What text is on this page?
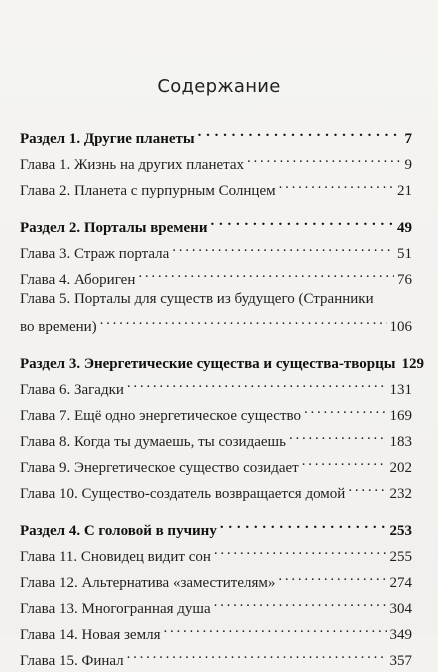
Содержание
Раздел 1. Другие планеты . . .	7
Глава 1. Жизнь на других планетах . . .	9
Глава 2. Планета с пурпурным Солнцем . . .	21
Раздел 2. Порталы времени . . .	49
Глава 3. Страж портала . . .	51
Глава 4. Абориген . . .	76
Глава 5. Порталы для существ из будущего (Странники
во времени) . . .	106
Раздел 3. Энергетические существа и существа-творцы 129
Глава 6. Загадки . . .	131
Глава 7. Ещё одно энергетическое существо . . .	169
Глава 8. Когда ты думаешь, ты созидаешь . . .	183
Глава 9. Энергетическое существо созидает . . .	202
Глава 10. Существо-создатель возвращается домой . . .	232
Раздел 4. С головой в пучину . . .	253
Глава 11. Сновидец видит сон . . .	255
Глава 12. Альтернатива «заместителям» . . .	274
Глава 13. Многогранная душа . . .	304
Глава 14. Новая земля . . .	349
Глава 15. Финал . . .	357
